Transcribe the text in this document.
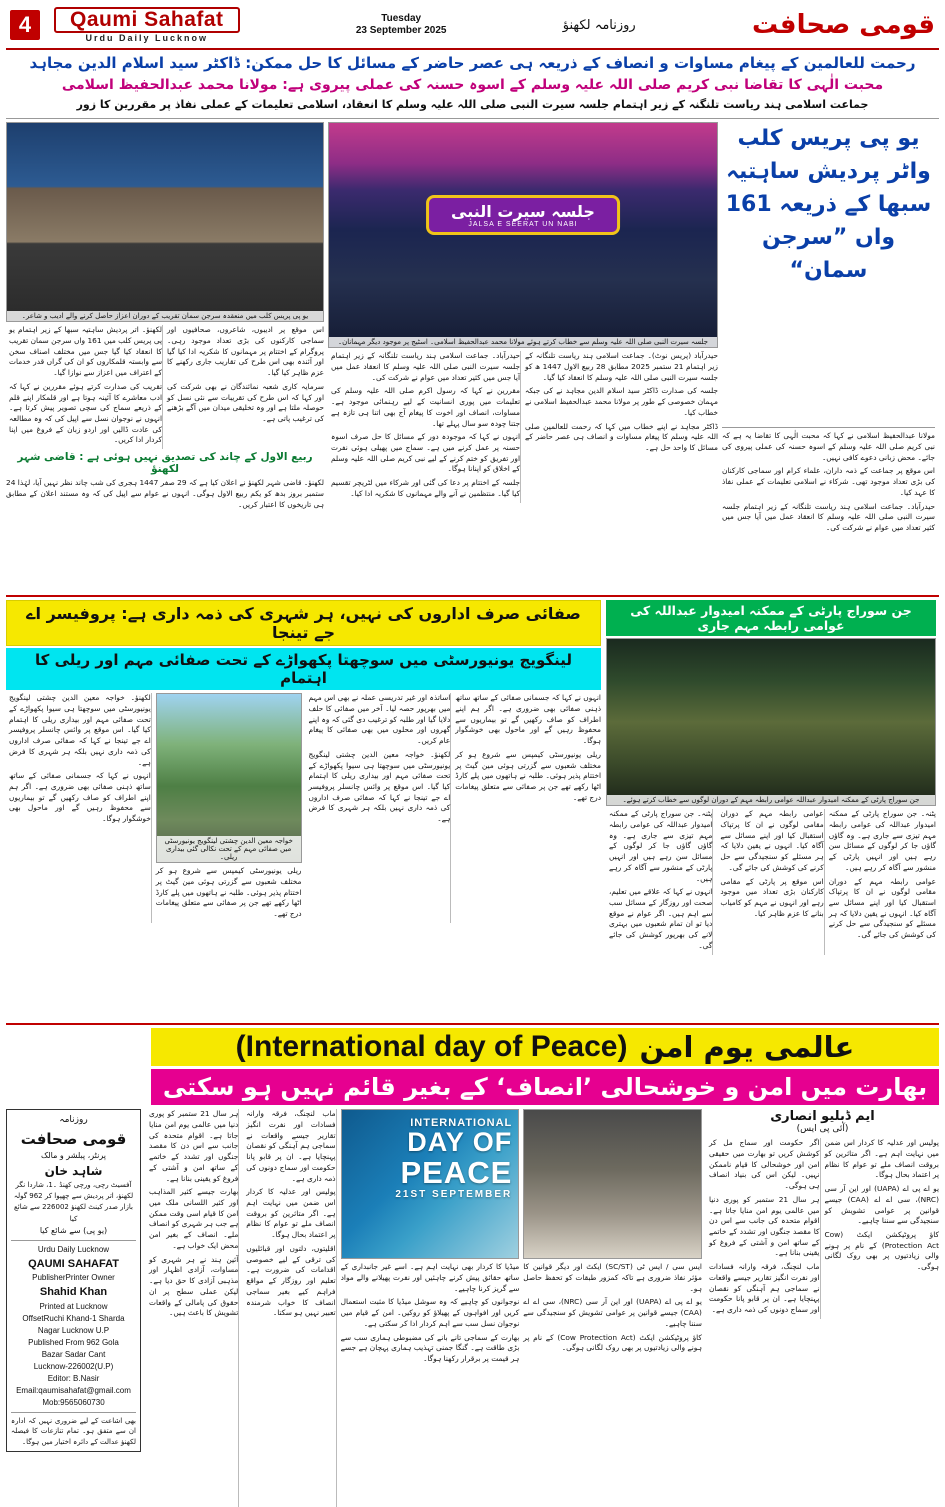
4	Qaumi Sahafat
Urdu Daily Lucknow
Tuesday
23 September 2025	روزنامہ لکھنؤ	قومی صحافت
رحمت للعالمین کے پیغام مساوات و انصاف کے ذریعہ ہی عصر حاضر کے مسائل کا حل ممکن: ڈاکٹر سید اسلام الدین مجاہد
محبت الٰہی کا تقاضا نبی کریم صلی اللہ علیہ وسلم کے اسوہ حسنہ کی عملی پیروی ہے: مولانا محمد عبدالحفیظ اسلامی
جماعت اسلامی ہند ریاست تلنگنہ کے زیر اہتمام جلسہ سیرت النبی صلی اللہ علیہ وسلم کا انعقاد، اسلامی تعلیمات کے عملی نفاذ پر مقررین کا زور
یو پی پریس کلب میں منعقدہ سرجن سمان تقریب کے دوران اعزاز حاصل کرنے والے ادیب و شاعر۔

لکھنؤ۔ اتر پردیش ساہتیہ سبھا کے زیر اہتمام یو پی پریس کلب میں 161 واں سرجن سمان تقریب کا انعقاد کیا گیا جس میں مختلف اصناف سخن سے وابستہ قلمکاروں کو ان کی گراں قدر خدمات کے اعتراف میں اعزاز سے نوازا گیا۔

تقریب کی صدارت کرتے ہوئے مقررین نے کہا کہ ادب معاشرے کا آئینہ ہوتا ہے اور قلمکار اپنے قلم کے ذریعے سماج کی سچی تصویر پیش کرتا ہے۔ انہوں نے نوجوان نسل سے اپیل کی کہ وہ مطالعہ کی عادت ڈالیں اور اردو زبان کے فروغ میں اپنا کردار ادا کریں۔

اس موقع پر ادیبوں، شاعروں، صحافیوں اور سماجی کارکنوں کی بڑی تعداد موجود رہی۔ پروگرام کے اختتام پر مہمانوں کا شکریہ ادا کیا گیا اور آئندہ بھی اس طرح کی تقاریب جاری رکھنے کا عزم ظاہر کیا گیا۔

سرمایہ کاری شعبہ نمائندگان نے بھی شرکت کی اور کہا کہ اس طرح کی تقریبات سے نئی نسل کو حوصلہ ملتا ہے اور وہ تخلیقی میدان میں آگے بڑھنے کی ترغیب پاتی ہے۔

ربیع الاول کے چاند کی تصدیق نہیں ہوئی ہے : قاضی شہر لکھنؤ

لکھنؤ۔ قاضی شہر لکھنؤ نے اعلان کیا ہے کہ 29 صفر 1447 ہجری کی شب چاند نظر نہیں آیا، لہٰذا 24 ستمبر بروز بدھ کو یکم ربیع الاول ہوگی۔ انہوں نے عوام سے اپیل کی کہ وہ مستند اعلان کے مطابق ہی تاریخوں کا اعتبار کریں۔

جلسہ سیرت النبی
JALSA E SEERAT UN NABI
جلسہ سیرت النبی صلی اللہ علیہ وسلم سے خطاب کرتے ہوئے مولانا محمد عبدالحفیظ اسلامی۔ اسٹیج پر موجود دیگر مہمانان۔

حیدرآباد۔ جماعت اسلامی ہند ریاست تلنگانہ کے زیر اہتمام جلسہ سیرت النبی صلی اللہ علیہ وسلم کا انعقاد عمل میں آیا جس میں کثیر تعداد میں عوام نے شرکت کی۔

مقررین نے کہا کہ رسول اکرم صلی اللہ علیہ وسلم کی تعلیمات میں پوری انسانیت کے لیے رہنمائی موجود ہے۔ مساوات، انصاف اور اخوت کا پیغام آج بھی اتنا ہی تازہ ہے جتنا چودہ سو سال پہلے تھا۔

انہوں نے کہا کہ موجودہ دور کے مسائل کا حل صرف اسوہ حسنہ پر عمل کرنے میں ہے۔ سماج میں پھیلی ہوئی نفرت اور تفریق کو ختم کرنے کے لیے نبی کریم صلی اللہ علیہ وسلم کے اخلاق کو اپنانا ہوگا۔

جلسہ کے اختتام پر دعا کی گئی اور شرکاء میں لٹریچر تقسیم کیا گیا۔ منتظمین نے آنے والے مہمانوں کا شکریہ ادا کیا۔

حیدرآباد (پریس نوٹ)۔ جماعت اسلامی ہند ریاست تلنگانہ کے زیر اہتمام 21 ستمبر 2025 مطابق 28 ربیع الاول 1447 ھ کو جلسہ سیرت النبی صلی اللہ علیہ وسلم کا انعقاد کیا گیا۔

جلسہ کی صدارت ڈاکٹر سید اسلام الدین مجاہد نے کی جبکہ مہمان خصوصی کے طور پر مولانا محمد عبدالحفیظ اسلامی نے خطاب کیا۔

ڈاکٹر مجاہد نے اپنے خطاب میں کہا کہ رحمت للعالمین صلی اللہ علیہ وسلم کا پیغام مساوات و انصاف ہی عصر حاضر کے مسائل کا واحد حل ہے۔

یو پی پریس کلب واٹر پردیش ساہتیہ سبھا کے ذریعہ 161 واں ”سرجن سمان“

مولانا عبدالحفیظ اسلامی نے کہا کہ محبت الٰہی کا تقاضا یہ ہے کہ نبی کریم صلی اللہ علیہ وسلم کے اسوہ حسنہ کی عملی پیروی کی جائے۔ محض زبانی دعوے کافی نہیں۔

اس موقع پر جماعت کے ذمہ داران، علماء کرام اور سماجی کارکنان کی بڑی تعداد موجود تھی۔ شرکاء نے اسلامی تعلیمات کے عملی نفاذ کا عہد کیا۔

حیدرآباد۔ جماعت اسلامی ہند ریاست تلنگانہ کے زیر اہتمام جلسہ سیرت النبی صلی اللہ علیہ وسلم کا انعقاد عمل میں آیا جس میں کثیر تعداد میں عوام نے شرکت کی۔

صفائی صرف اداروں کی نہیں، ہر شہری کی ذمہ داری ہے: پروفیسر اے جے تینجا
لینگویج یونیورسٹی میں سوچھتا پکھواڑے کے تحت صفائی مہم اور ریلی کا اہتمام

لکھنؤ۔ خواجہ معین الدین چشتی لینگویج یونیورسٹی میں سوچھتا ہی سیوا پکھواڑے کے تحت صفائی مہم اور بیداری ریلی کا اہتمام کیا گیا۔ اس موقع پر وائس چانسلر پروفیسر اے جے تینجا نے کہا کہ صفائی صرف اداروں کی ذمہ داری نہیں بلکہ ہر شہری کا فرض ہے۔

انہوں نے کہا کہ جسمانی صفائی کے ساتھ ساتھ ذہنی صفائی بھی ضروری ہے۔ اگر ہم اپنے اطراف کو صاف رکھیں گے تو بیماریوں سے محفوظ رہیں گے اور ماحول بھی خوشگوار ہوگا۔

خواجہ معین الدین چشتی لینگویج یونیورسٹی میں صفائی مہم کے تحت نکالی گئی بیداری ریلی۔

ریلی یونیورسٹی کیمپس سے شروع ہو کر مختلف شعبوں سے گزرتی ہوئی مین گیٹ پر اختتام پذیر ہوئی۔ طلبہ نے ہاتھوں میں پلے کارڈ اٹھا رکھے تھے جن پر صفائی سے متعلق پیغامات درج تھے۔

اساتذہ اور غیر تدریسی عملہ نے بھی اس مہم میں بھرپور حصہ لیا۔ آخر میں صفائی کا حلف دلایا گیا اور طلبہ کو ترغیب دی گئی کہ وہ اپنے گھروں اور محلوں میں بھی صفائی کا پیغام عام کریں۔

لکھنؤ۔ خواجہ معین الدین چشتی لینگویج یونیورسٹی میں سوچھتا ہی سیوا پکھواڑے کے تحت صفائی مہم اور بیداری ریلی کا اہتمام کیا گیا۔ اس موقع پر وائس چانسلر پروفیسر اے جے تینجا نے کہا کہ صفائی صرف اداروں کی ذمہ داری نہیں بلکہ ہر شہری کا فرض ہے۔

انہوں نے کہا کہ جسمانی صفائی کے ساتھ ساتھ ذہنی صفائی بھی ضروری ہے۔ اگر ہم اپنے اطراف کو صاف رکھیں گے تو بیماریوں سے محفوظ رہیں گے اور ماحول بھی خوشگوار ہوگا۔

ریلی یونیورسٹی کیمپس سے شروع ہو کر مختلف شعبوں سے گزرتی ہوئی مین گیٹ پر اختتام پذیر ہوئی۔ طلبہ نے ہاتھوں میں پلے کارڈ اٹھا رکھے تھے جن پر صفائی سے متعلق پیغامات درج تھے۔

جن سوراج پارٹی کے ممکنہ امیدوار عبداللہ کی عوامی رابطہ مہم جاری
جن سوراج پارٹی کے ممکنہ امیدوار عبداللہ عوامی رابطہ مہم کے دوران لوگوں سے خطاب کرتے ہوئے۔

پٹنہ۔ جن سوراج پارٹی کے ممکنہ امیدوار عبداللہ کی عوامی رابطہ مہم تیزی سے جاری ہے۔ وہ گاؤں گاؤں جا کر لوگوں کے مسائل سن رہے ہیں اور انہیں پارٹی کے منشور سے آگاہ کر رہے ہیں۔

انہوں نے کہا کہ علاقے میں تعلیم، صحت اور روزگار کے مسائل سب سے اہم ہیں۔ اگر عوام نے موقع دیا تو ان تمام شعبوں میں بہتری لانے کی بھرپور کوشش کی جائے گی۔

عوامی رابطہ مہم کے دوران مقامی لوگوں نے ان کا پرتپاک استقبال کیا اور اپنے مسائل سے آگاہ کیا۔ انہوں نے یقین دلایا کہ ہر مسئلے کو سنجیدگی سے حل کرنے کی کوشش کی جائے گی۔

اس موقع پر پارٹی کے مقامی کارکنان بڑی تعداد میں موجود رہے اور انہوں نے مہم کو کامیاب بنانے کا عزم ظاہر کیا۔

پٹنہ۔ جن سوراج پارٹی کے ممکنہ امیدوار عبداللہ کی عوامی رابطہ مہم تیزی سے جاری ہے۔ وہ گاؤں گاؤں جا کر لوگوں کے مسائل سن رہے ہیں اور انہیں پارٹی کے منشور سے آگاہ کر رہے ہیں۔

عوامی رابطہ مہم کے دوران مقامی لوگوں نے ان کا پرتپاک استقبال کیا اور اپنے مسائل سے آگاہ کیا۔ انہوں نے یقین دلایا کہ ہر مسئلے کو سنجیدگی سے حل کرنے کی کوشش کی جائے گی۔

(International day of Peace) عالمی یوم امن
بھارت میں امن و خوشحالی ’انصاف‘ کے بغیر قائم نہیں ہو سکتی
روزنامہ
قومی صحافت
پرنٹر، پبلشر و مالک
شاہد خان
آفسیٹ رچی، ورچی کھنڈ ۔1، شاردا نگر لکھنؤ، اتر پردیش سے چھپوا کر 962 گولہ بازار صدر کینٹ لکھنؤ 226002 سے شائع کیا
(یو پی) سے شائع کیا
Urdu Daily Lucknow
QAUMI SAHAFAT
PublisherPrinter Owner
Shahid Khan
Printed at Lucknow
OffsetRuchi Khand-1 Sharda
Nagar Lucknow U.P
Published From 962 Gola
Bazar Sadar Cant
Lucknow-226002(U.P)
Editor: B.Nasir
Email:qaumisahafat@gmail.com
Mob:9565060730
بھی اشاعت کے لیے ضروری نہیں کہ ادارہ ان سے متفق ہو۔ تمام تنازعات کا فیصلہ لکھنؤ عدالت کے دائرہ اختیار میں ہوگا۔

ہر سال 21 ستمبر کو پوری دنیا میں عالمی یوم امن منایا جاتا ہے۔ اقوام متحدہ کی جانب سے اس دن کا مقصد جنگوں اور تشدد کے خاتمے کے ساتھ امن و آشتی کے فروغ کو یقینی بنانا ہے۔

بھارت جیسے کثیر المذاہب اور کثیر اللسانی ملک میں امن کا قیام اسی وقت ممکن ہے جب ہر شہری کو انصاف ملے۔ انصاف کے بغیر امن محض ایک خواب ہے۔

آئین ہند نے ہر شہری کو مساوات، آزادی اظہار اور مذہبی آزادی کا حق دیا ہے۔ لیکن عملی سطح پر ان حقوق کی پامالی کے واقعات تشویش کا باعث ہیں۔

ماب لنچنگ، فرقہ وارانہ فسادات اور نفرت انگیز تقاریر جیسے واقعات نے سماجی ہم آہنگی کو نقصان پہنچایا ہے۔ ان پر قابو پانا حکومت اور سماج دونوں کی ذمہ داری ہے۔

پولیس اور عدلیہ کا کردار اس ضمن میں نہایت اہم ہے۔ اگر متاثرین کو بروقت انصاف ملے تو عوام کا نظام پر اعتماد بحال ہوگا۔

اقلیتوں، دلتوں اور قبائلیوں کی ترقی کے لیے خصوصی اقدامات کی ضرورت ہے۔ تعلیم اور روزگار کے مواقع فراہم کیے بغیر سماجی انصاف کا خواب شرمندہ تعبیر نہیں ہو سکتا۔

INTERNATIONAL
DAY OF
PEACE
21ST SEPTEMBER

میڈیا کا کردار بھی نہایت اہم ہے۔ اسے غیر جانبداری کے ساتھ حقائق پیش کرنے چاہئیں اور نفرت پھیلانے والے مواد سے گریز کرنا چاہیے۔

نوجوانوں کو چاہیے کہ وہ سوشل میڈیا کا مثبت استعمال کریں اور افواہوں کے پھیلاؤ کو روکیں۔ امن کے قیام میں نوجوان نسل سب سے اہم کردار ادا کر سکتی ہے۔

بھارت کے سماجی تانے بانے کی مضبوطی ہماری سب سے بڑی طاقت ہے۔ گنگا جمنی تہذیب ہماری پہچان ہے جسے ہر قیمت پر برقرار رکھنا ہوگا۔

ایس سی / ایس ٹی (SC/ST) ایکٹ اور دیگر قوانین کا مؤثر نفاذ ضروری ہے تاکہ کمزور طبقات کو تحفظ حاصل ہو۔

یو اے پی اے (UAPA) اور این آر سی (NRC)، سی اے اے (CAA) جیسے قوانین پر عوامی تشویش کو سنجیدگی سے سننا چاہیے۔

کاؤ پروٹیکشن ایکٹ (Cow Protection Act) کے نام پر ہونے والی زیادتیوں پر بھی روک لگانی ہوگی۔

ایم ڈبلیو انصاری
(آئی پی ایس)

اگر حکومت اور سماج مل کر کوشش کریں تو بھارت میں حقیقی امن اور خوشحالی کا قیام ناممکن نہیں۔ لیکن اس کی بنیاد انصاف ہی ہوگی۔

ہر سال 21 ستمبر کو پوری دنیا میں عالمی یوم امن منایا جاتا ہے۔ اقوام متحدہ کی جانب سے اس دن کا مقصد جنگوں اور تشدد کے خاتمے کے ساتھ امن و آشتی کے فروغ کو یقینی بنانا ہے۔

ماب لنچنگ، فرقہ وارانہ فسادات اور نفرت انگیز تقاریر جیسے واقعات نے سماجی ہم آہنگی کو نقصان پہنچایا ہے۔ ان پر قابو پانا حکومت اور سماج دونوں کی ذمہ داری ہے۔

پولیس اور عدلیہ کا کردار اس ضمن میں نہایت اہم ہے۔ اگر متاثرین کو بروقت انصاف ملے تو عوام کا نظام پر اعتماد بحال ہوگا۔

یو اے پی اے (UAPA) اور این آر سی (NRC)، سی اے اے (CAA) جیسے قوانین پر عوامی تشویش کو سنجیدگی سے سننا چاہیے۔

کاؤ پروٹیکشن ایکٹ (Cow Protection Act) کے نام پر ہونے والی زیادتیوں پر بھی روک لگانی ہوگی۔
